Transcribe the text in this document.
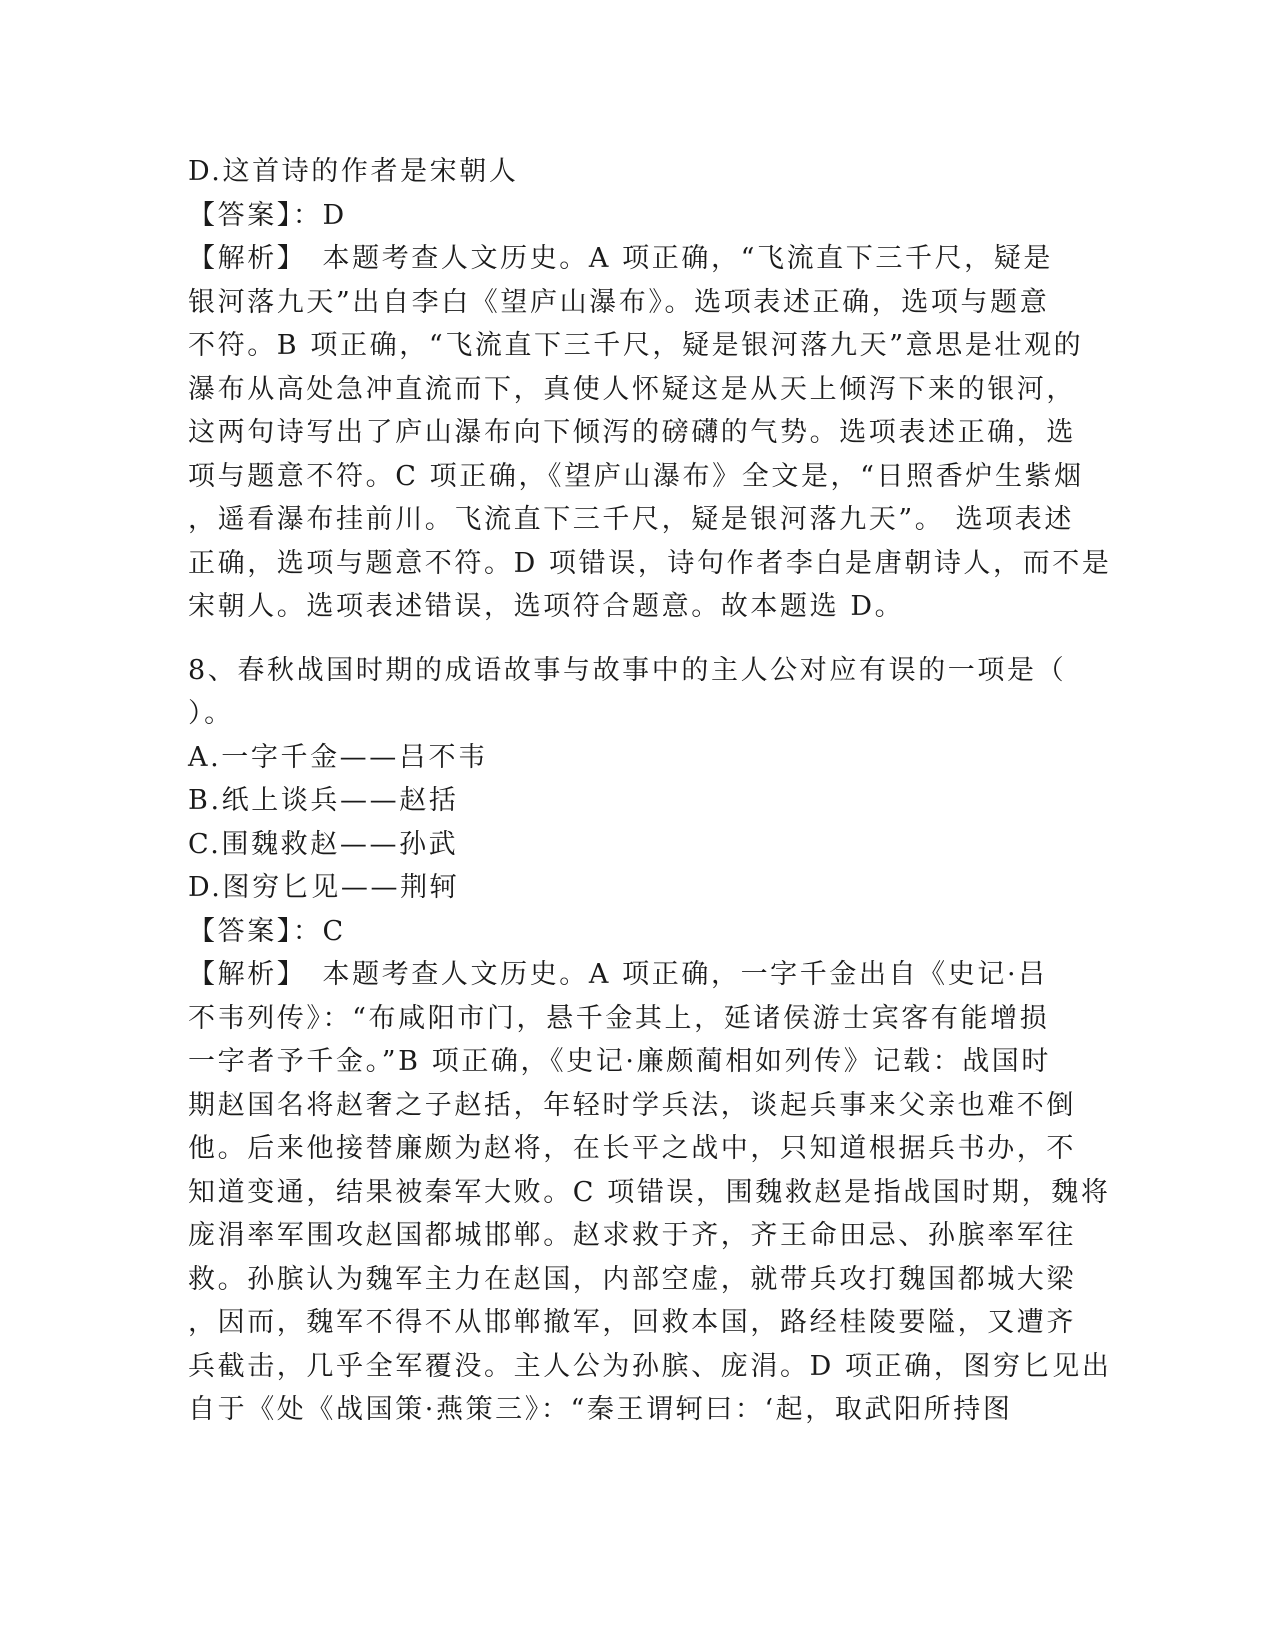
D.这首诗的作者是宋朝人
【答案】：D
【解析】　本题考查人文历史。A 项正确，“飞流直下三千尺，疑是
银河落九天”出自李白《望庐山瀑布》。选项表述正确，选项与题意
不符。B 项正确，“飞流直下三千尺，疑是银河落九天”意思是壮观的
瀑布从高处急冲直流而下，真使人怀疑这是从天上倾泻下来的银河，
这两句诗写出了庐山瀑布向下倾泻的磅礴的气势。选项表述正确，选
项与题意不符。C 项正确，《望庐山瀑布》全文是，“日照香炉生紫烟
，遥看瀑布挂前川。飞流直下三千尺，疑是银河落九天”。 选项表述
正确，选项与题意不符。D 项错误，诗句作者李白是唐朝诗人，而不是
宋朝人。选项表述错误，选项符合题意。故本题选 D。
8、春秋战国时期的成语故事与故事中的主人公对应有误的一项是（
）。
A.一字千金——吕不韦
B.纸上谈兵——赵括
C.围魏救赵——孙武
D.图穷匕见——荆轲
【答案】：C
【解析】　本题考查人文历史。A 项正确，一字千金出自《史记·吕
不韦列传》：“布咸阳市门，悬千金其上，延诸侯游士宾客有能增损
一字者予千金。”B 项正确，《史记·廉颇蔺相如列传》记载：战国时
期赵国名将赵奢之子赵括，年轻时学兵法，谈起兵事来父亲也难不倒
他。后来他接替廉颇为赵将，在长平之战中，只知道根据兵书办，不
知道变通，结果被秦军大败。C 项错误，围魏救赵是指战国时期，魏将
庞涓率军围攻赵国都城邯郸。赵求救于齐，齐王命田忌、孙膑率军往
救。孙膑认为魏军主力在赵国，内部空虚，就带兵攻打魏国都城大梁
，因而，魏军不得不从邯郸撤军，回救本国，路经桂陵要隘，又遭齐
兵截击，几乎全军覆没。主人公为孙膑、庞涓。D 项正确，图穷匕见出
自于《处《战国策·燕策三》：“秦王谓轲曰：‘起，取武阳所持图
